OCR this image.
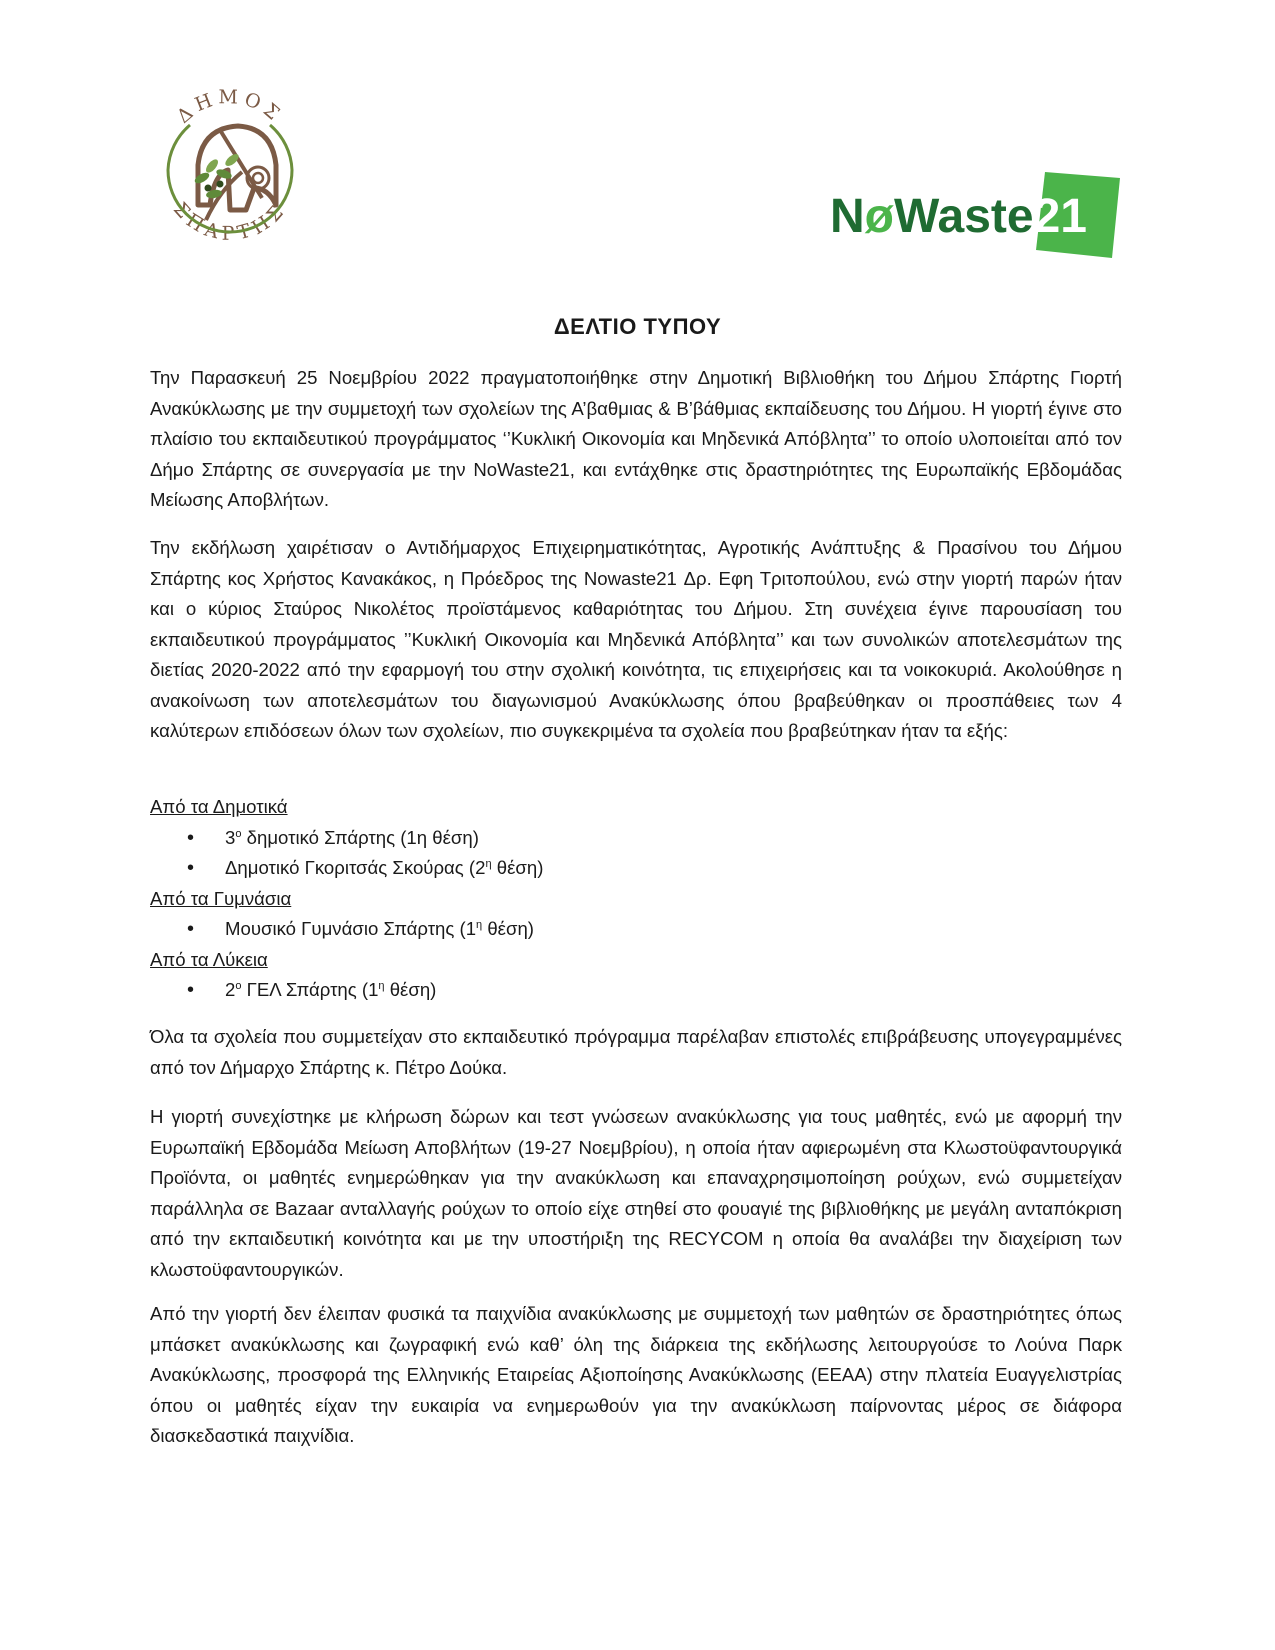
ΔΗΜΟΣ
ΣΠΑΡΤΗΣ	NøWaste21
ΔΕΛΤΙΟ ΤΥΠΟΥ

Την Παρασκευή 25 Νοεμβρίου 2022 πραγματοποιήθηκε στην Δημοτική Βιβλιοθήκη του Δήμου Σπάρτης Γιορτή Ανακύκλωσης με την συμμετοχή των σχολείων της Α’βαθμιας & Β’βάθμιας εκπαίδευσης του Δήμου. Η γιορτή έγινε στο πλαίσιο του εκπαιδευτικού προγράμματος ‘’Κυκλική Οικονομία και Μηδενικά Απόβλητα’’ το οποίο υλοποιείται από τον Δήμο Σπάρτης σε συνεργασία με την NoWaste21, και εντάχθηκε στις δραστηριότητες της Ευρωπαϊκής Εβδομάδας Μείωσης Αποβλήτων.

Την εκδήλωση χαιρέτισαν ο Αντιδήμαρχος Επιχειρηματικότητας, Αγροτικής Ανάπτυξης & Πρασίνου του Δήμου Σπάρτης κος Χρήστος Κανακάκος, η Πρόεδρος της Nowaste21 Δρ. Εφη Τριτοπούλου, ενώ στην γιορτή παρών ήταν και ο κύριος Σταύρος Νικολέτος προϊστάμενος καθαριότητας του Δήμου. Στη συνέχεια έγινε παρουσίαση του εκπαιδευτικού προγράμματος ’’Κυκλική Οικονομία και Μηδενικά Απόβλητα’’ και των συνολικών αποτελεσμάτων της διετίας 2020-2022 από την εφαρμογή του στην σχολική κοινότητα, τις επιχειρήσεις και τα νοικοκυριά. Ακολούθησε η ανακοίνωση των αποτελεσμάτων του διαγωνισμού Ανακύκλωσης όπου βραβεύθηκαν οι προσπάθειες των 4 καλύτερων επιδόσεων όλων των σχολείων, πιο συγκεκριμένα τα σχολεία που βραβεύτηκαν ήταν τα εξής:

Από τα Δημοτικά

• $3^o$ δημοτικό Σπάρτης (1η θέση)
• Δημοτικό Γκοριτσάς Σκούρας ($2^\eta$ θέση)

Από τα Γυμνάσια

• Μουσικό Γυμνάσιο Σπάρτης ($1^\eta$ θέση)

Από τα Λύκεια

• $2^o$ ΓΕΛ Σπάρτης ($1^\eta$ θέση)

Όλα τα σχολεία που συμμετείχαν στο εκπαιδευτικό πρόγραμμα παρέλαβαν επιστολές επιβράβευσης υπογεγραμμένες από τον Δήμαρχο Σπάρτης κ. Πέτρο Δούκα.

Η γιορτή συνεχίστηκε με κλήρωση δώρων και τεστ γνώσεων ανακύκλωσης για τους μαθητές, ενώ με αφορμή την Ευρωπαϊκή Εβδομάδα Μείωση Αποβλήτων (19-27 Νοεμβρίου), η οποία ήταν αφιερωμένη στα Κλωστοϋφαντουργικά Προϊόντα, οι μαθητές ενημερώθηκαν για την ανακύκλωση και επαναχρησιμοποίηση ρούχων, ενώ συμμετείχαν παράλληλα σε Bazaar ανταλλαγής ρούχων το οποίο είχε στηθεί στο φουαγιέ της βιβλιοθήκης με μεγάλη ανταπόκριση από την εκπαιδευτική κοινότητα και με την υποστήριξη της RECYCOM η οποία θα αναλάβει την διαχείριση των κλωστοϋφαντουργικών.

Από την γιορτή δεν έλειπαν φυσικά τα παιχνίδια ανακύκλωσης με συμμετοχή των μαθητών σε δραστηριότητες όπως μπάσκετ ανακύκλωσης και ζωγραφική ενώ καθ’ όλη της διάρκεια της εκδήλωσης λειτουργούσε το Λούνα Παρκ Ανακύκλωσης, προσφορά της Ελληνικής Εταιρείας Αξιοποίησης Ανακύκλωσης (ΕΕΑΑ) στην πλατεία Ευαγγελιστρίας όπου οι μαθητές είχαν την ευκαιρία να ενημερωθούν για την ανακύκλωση παίρνοντας μέρος σε διάφορα διασκεδαστικά παιχνίδια.
